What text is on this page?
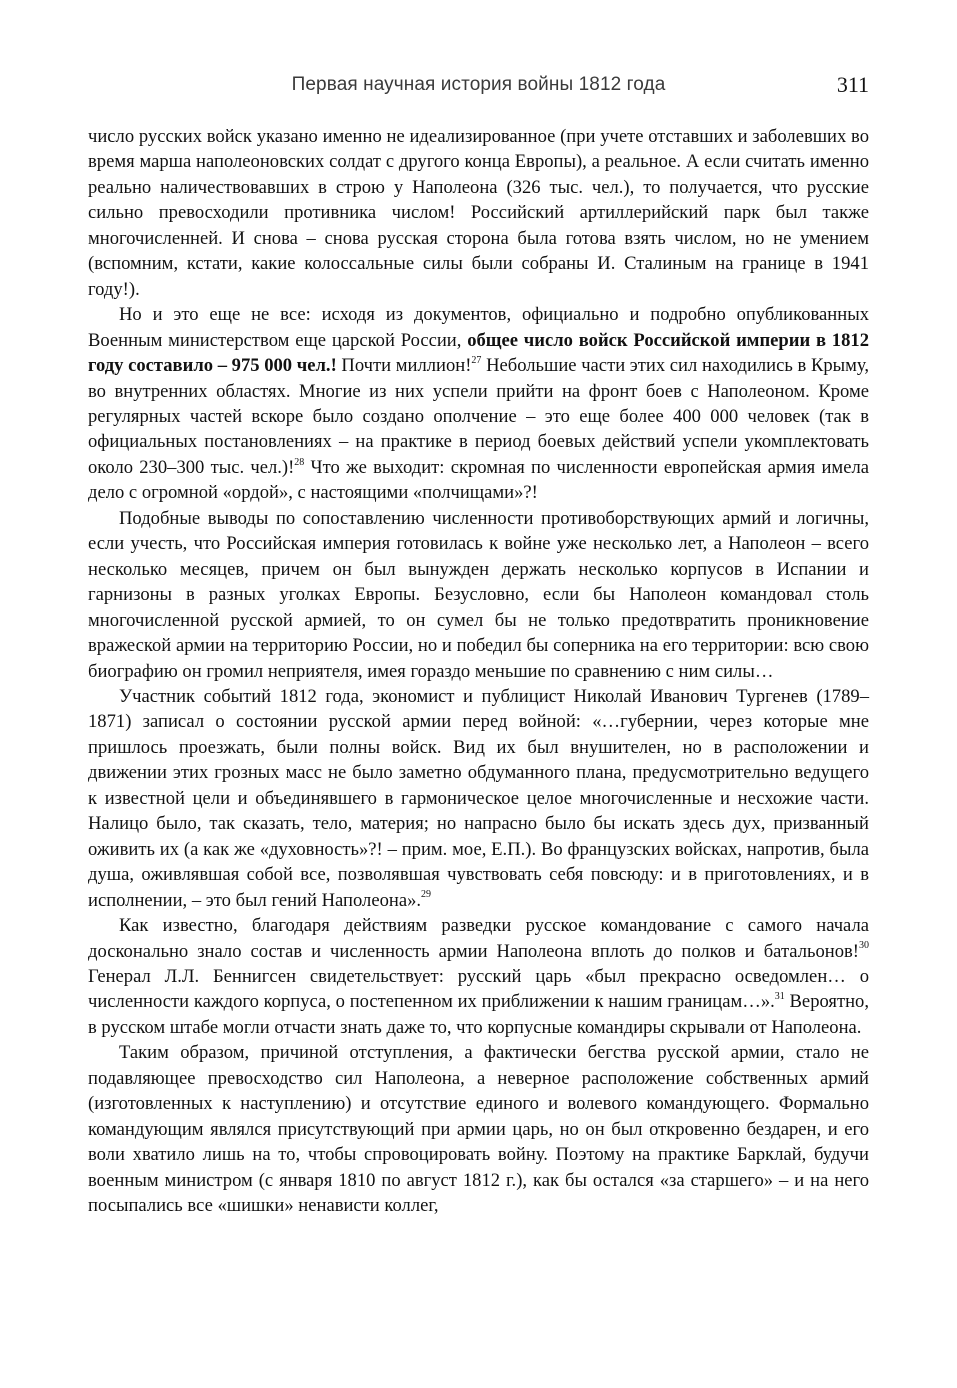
Первая научная история войны 1812 года	311

число русских войск указано именно не идеализированное (при учете отставших и заболевших во время марша наполеоновских солдат с другого конца Европы), а реальное. А если считать именно реально наличествовавших в строю у Наполеона (326 тыс. чел.), то получается, что русские сильно превосходили противника числом! Российский артиллерийский парк был также многочисленней. И снова – снова русская сторона была готова взять числом, но не умением (вспомним, кстати, какие колоссальные силы были собраны И. Сталиным на границе в 1941 году!).

Но и это еще не все: исходя из документов, официально и подробно опубликованных Военным министерством еще царской России, общее число войск Российской империи в 1812 году составило – 975 000 чел.! Почти миллион!$^{27}$ Небольшие части этих сил находились в Крыму, во внутренних областях. Многие из них успели прийти на фронт боев с Наполеоном. Кроме регулярных частей вскоре было создано ополчение – это еще более 400 000 человек (так в официальных постановлениях – на практике в период боевых действий успели укомплектовать около 230–300 тыс. чел.)!$^{28}$ Что же выходит: скромная по численности европейская армия имела дело с огромной «ордой», с настоящими «полчищами»?!

Подобные выводы по сопоставлению численности противоборствующих армий и логичны, если учесть, что Российская империя готовилась к войне уже несколько лет, а Наполеон – всего несколько месяцев, причем он был вынужден держать несколько корпусов в Испании и гарнизоны в разных уголках Европы. Безусловно, если бы Наполеон командовал столь многочисленной русской армией, то он сумел бы не только предотвратить проникновение вражеской армии на территорию России, но и победил бы соперника на его территории: всю свою биографию он громил неприятеля, имея гораздо меньшие по сравнению с ним силы…

Участник событий 1812 года, экономист и публицист Николай Иванович Тургенев (1789–1871) записал о состоянии русской армии перед войной: «…губернии, через которые мне пришлось проезжать, были полны войск. Вид их был внушителен, но в расположении и движении этих грозных масс не было заметно обдуманного плана, предусмотрительно ведущего к известной цели и объединявшего в гармоническое целое многочисленные и несхожие части. Налицо было, так сказать, тело, материя; но напрасно было бы искать здесь дух, призванный оживить их (а как же «духовность»?! – прим. мое, Е.П.). Во французских войсках, напротив, была душа, оживлявшая собой все, позволявшая чувствовать себя повсюду: и в приготовлениях, и в исполнении, – это был гений Наполеона».$^{29}$

Как известно, благодаря действиям разведки русское командование с самого начала досконально знало состав и численность армии Наполеона вплоть до полков и батальонов!$^{30}$ Генерал Л.Л. Беннигсен свидетельствует: русский царь «был прекрасно осведомлен… о численности каждого корпуса, о постепенном их приближении к нашим границам…».$^{31}$ Вероятно, в русском штабе могли отчасти знать даже то, что корпусные командиры скрывали от Наполеона.

Таким образом, причиной отступления, а фактически бегства русской армии, стало не подавляющее превосходство сил Наполеона, а неверное расположение собственных армий (изготовленных к наступлению) и отсутствие единого и волевого командующего. Формально командующим являлся присутствующий при армии царь, но он был откровенно бездарен, и его воли хватило лишь на то, чтобы спровоцировать войну. Поэтому на практике Барклай, будучи военным министром (с января 1810 по август 1812 г.), как бы остался «за старшего» – и на него посыпались все «шишки» ненависти коллег,
